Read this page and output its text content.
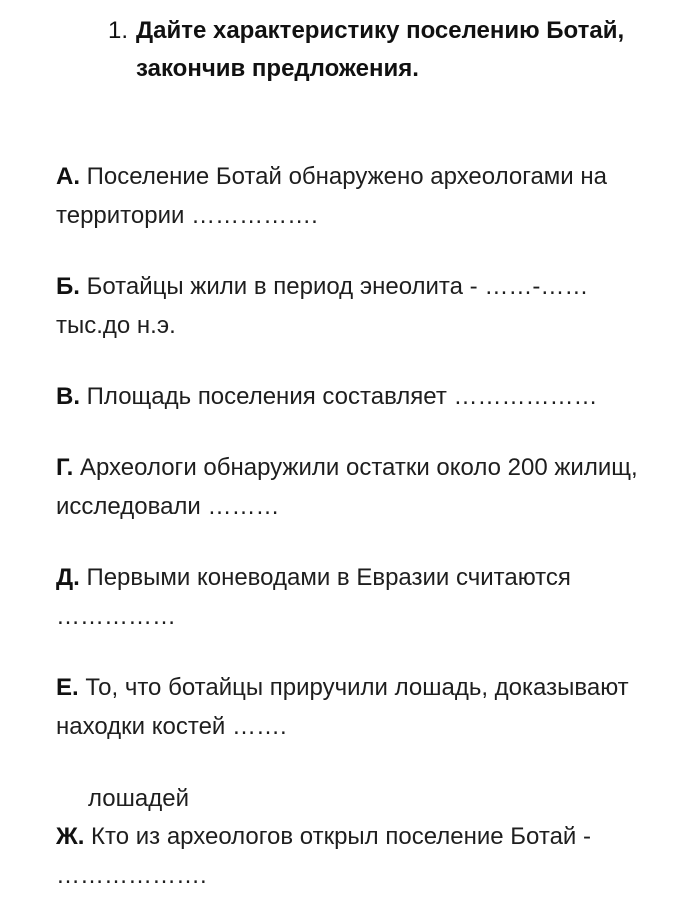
1. Дайте характеристику поселению Ботай,
закончив предложения.
А. Поселение Ботай обнаружено археологами на территории …………….
Б. Ботайцы жили в период энеолита - ……-…… тыс.до н.э.
В. Площадь поселения составляет ………………
Г. Археологи обнаружили остатки около 200 жилищ, исследовали ………
Д. Первыми коневодами в Евразии считаются ……………
Е. То, что ботайцы приручили лошадь, доказывают находки костей …….
лошадей
Ж. Кто из археологов открыл поселение Ботай - ……………….
